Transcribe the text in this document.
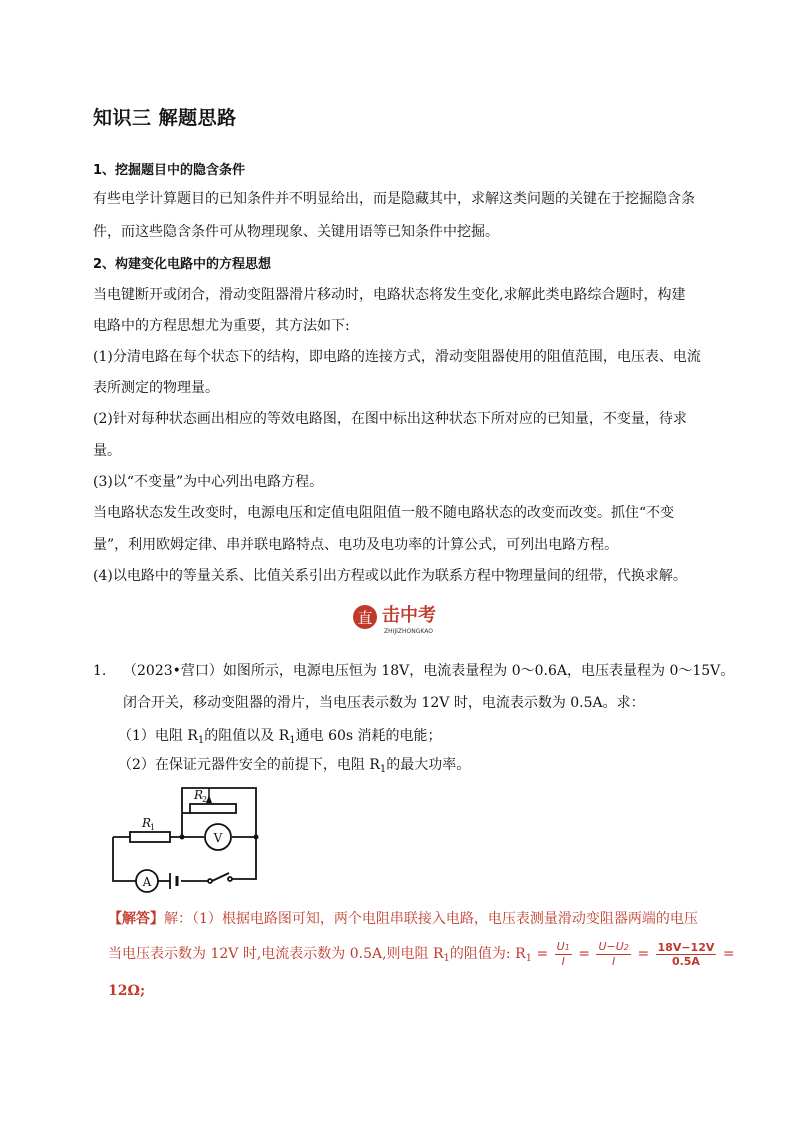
知识三 解题思路
1、挖掘题目中的隐含条件
有些电学计算题目的已知条件并不明显给出，而是隐藏其中，求解这类问题的关键在于挖掘隐含条
件，而这些隐含条件可从物理现象、关键用语等已知条件中挖掘。
2、构建变化电路中的方程思想
当电键断开或闭合，滑动变阻器滑片移动时，电路状态将发生变化,求解此类电路综合题时，构建
电路中的方程思想尤为重要，其方法如下:
(1)分清电路在每个状态下的结构，即电路的连接方式，滑动变阻器使用的阻值范围，电压表、电流
表所测定的物理量。
(2)针对每种状态画出相应的等效电路图，在图中标出这种状态下所对应的已知量，不变量，待求
量。
(3)以“不变量”为中心列出电路方程。
当电路状态发生改变时，电源电压和定值电阻阻值一般不随电路状态的改变而改变。抓住“不变
量”，利用欧姆定律、串并联电路特点、电功及电功率的计算公式，可列出电路方程。
(4)以电路中的等量关系、比值关系引出方程或以此作为联系方程中物理量间的纽带，代换求解。
直 击中考
ZHIJIZHONGKAO
1. （2023•营口）如图所示，电源电压恒为 18V，电流表量程为 0～0.6A，电压表量程为 0～15V。
闭合开关，移动变阻器的滑片，当电压表示数为 12V 时，电流表示数为 0.5A。求：
（1）电阻 $R_1$的阻值以及 $R_1$通电 60s 消耗的电能；
（2）在保证元器件安全的前提下，电阻 $R_1$的最大功率。
R
1
R
2
V
A
【解答】解：（1）根据电路图可知，两个电阻串联接入电路，电压表测量滑动变阻器两端的电压
当电压表示数为 12V 时,电流表示数为 0.5A,则电阻 $R_1$的阻值为: $R_1 = \frac{U1}{I} = \frac{U-U2}{I} = \frac{18V-12V}{0.5A}$ =
12Ω;
